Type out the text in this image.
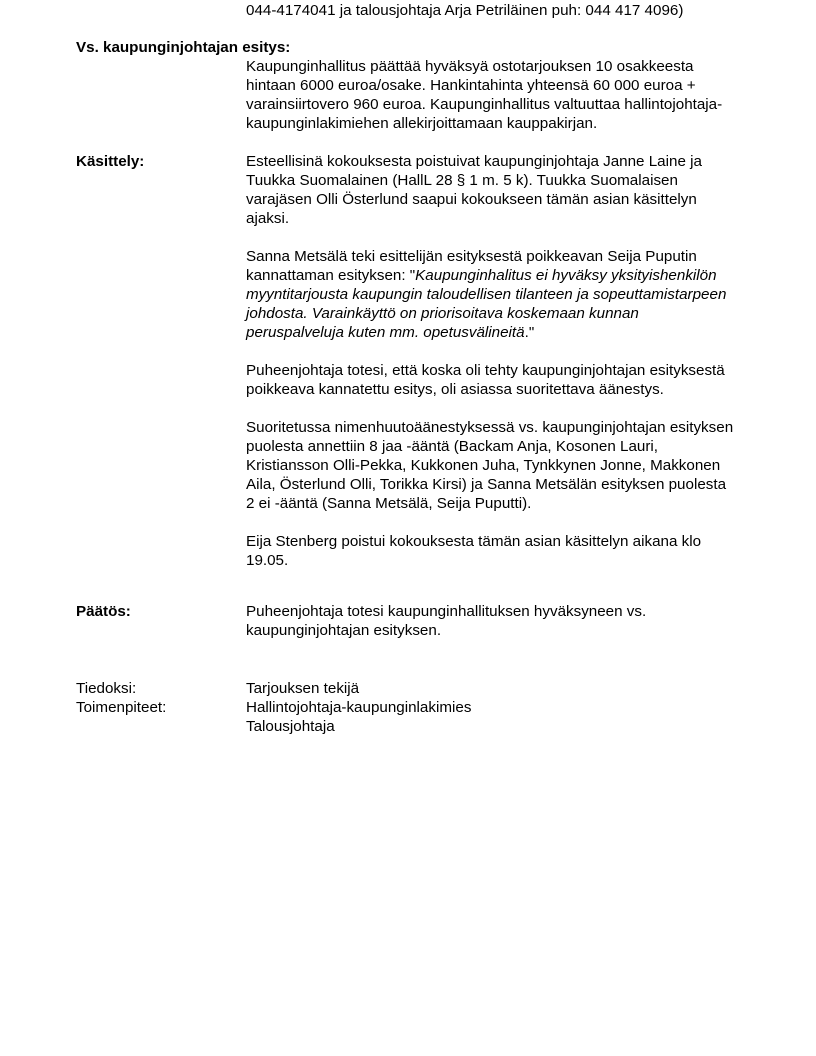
044-4174041 ja talousjohtaja Arja Petriläinen puh: 044 417 4096)
Vs. kaupunginjohtajan esitys:

Kaupunginhallitus päättää hyväksyä ostotarjouksen 10 osakkeesta hintaan 6000 euroa/osake. Hankintahinta yhteensä 60 000 euroa + varainsiirtovero 960 euroa. Kaupunginhallitus valtuuttaa hallintojohtaja-kaupunginlakimiehen allekirjoittamaan kauppakirjan.

Käsittely:	Esteellisinä kokouksesta poistuivat kaupunginjohtaja Janne Laine ja Tuukka Suomalainen (HallL 28 § 1 m. 5 k). Tuukka Suomalaisen varajäsen Olli Österlund saapui kokoukseen tämän asian käsittelyn ajaksi.

Sanna Metsälä teki esittelijän esityksestä poikkeavan Seija Puputin kannattaman esityksen: "Kaupunginhalitus ei hyväksy yksityishenkilön myyntitarjousta kaupungin taloudellisen tilanteen ja sopeuttamistarpeen johdosta. Varainkäyttö on priorisoitava koskemaan kunnan peruspalveluja kuten mm. opetusvälineitä."

Puheenjohtaja totesi, että koska oli tehty kaupunginjohtajan esityksestä poikkeava kannatettu esitys, oli asiassa suoritettava äänestys.

Suoritetussa nimenhuutoäänestyksessä vs. kaupunginjohtajan esityksen puolesta annettiin 8 jaa -ääntä (Backam Anja, Kosonen Lauri, Kristiansson Olli-Pekka, Kukkonen Juha, Tynkkynen Jonne, Makkonen Aila, Österlund Olli, Torikka Kirsi) ja Sanna Metsälän esityksen puolesta 2 ei -ääntä (Sanna Metsälä, Seija Puputti).

Eija Stenberg poistui kokouksesta tämän asian käsittelyn aikana klo 19.05.

Päätös:	Puheenjohtaja totesi kaupunginhallituksen hyväksyneen vs. kaupunginjohtajan esityksen.

Tiedoksi:	Tarjouksen tekijä
Toimenpiteet:	Hallintojohtaja-kaupunginlakimies
Talousjohtaja
